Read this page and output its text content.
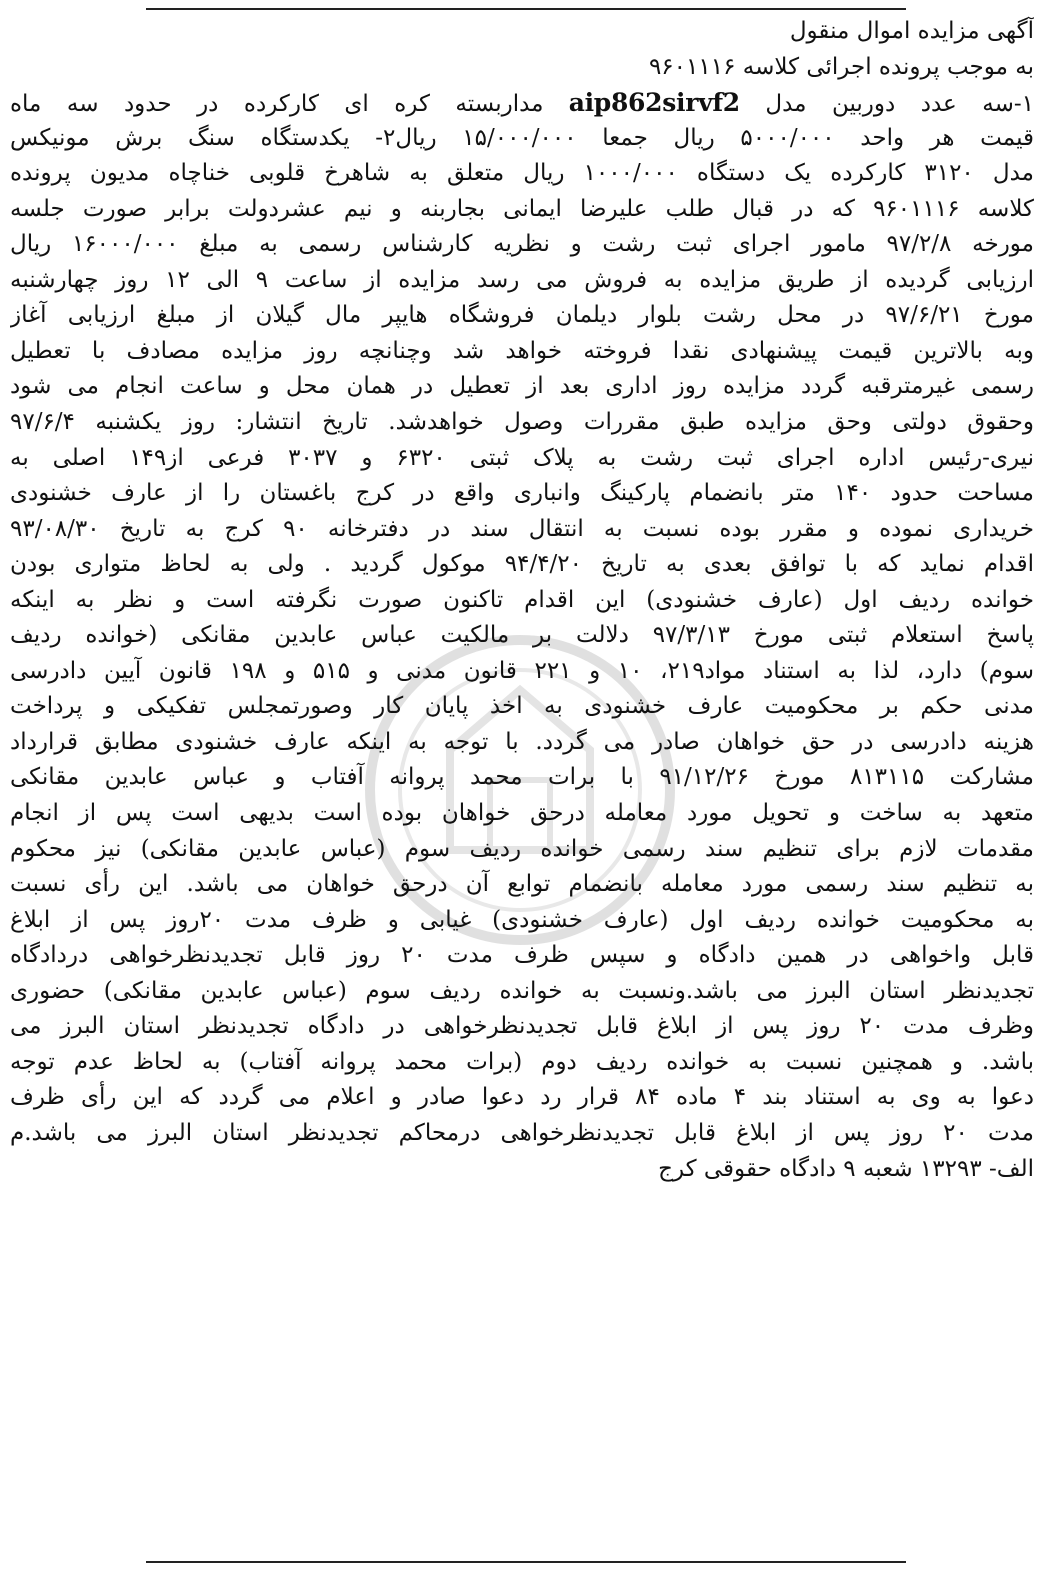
آگهی مزایده اموال منقول
به موجب پرونده اجرائی کلاسه ۹۶۰۱۱۱۶
۱-سه عدد دوربین مدل aip862sirvf2 مداربسته کره ای کارکرده در حدود سه ماه
قیمت هر واحد ۵۰۰۰/۰۰۰ ریال جمعا ۱۵/۰۰۰/۰۰۰ ریال۲- یکدستگاه سنگ برش مونیکس
مدل ۳۱۲۰ کارکرده یک دستگاه ۱۰۰۰/۰۰۰ ریال متعلق به شاهرخ قلوبی خناچاه مدیون پرونده
کلاسه ۹۶۰۱۱۱۶ که در قبال طلب علیرضا ایمانی بجاربنه و نیم عشردولت برابر صورت جلسه
مورخه ۹۷/۲/۸ مامور اجرای ثبت رشت و نظریه کارشناس رسمی به مبلغ ۱۶۰۰۰/۰۰۰ ریال
ارزیابی گردیده از طریق مزایده به فروش می رسد مزایده از ساعت ۹ الی ۱۲ روز چهارشنبه
مورخ ۹۷/۶/۲۱ در محل رشت بلوار دیلمان فروشگاه هایپر مال گیلان از مبلغ ارزیابی آغاز
وبه بالاترین قیمت پیشنهادی نقدا فروخته خواهد شد وچنانچه روز مزایده مصادف با تعطیل
رسمی غیرمترقبه گردد مزایده روز اداری بعد از تعطیل در همان محل و ساعت انجام می شود
وحقوق دولتی وحق مزایده طبق مقررات وصول خواهدشد. تاریخ انتشار: روز یکشنبه ۹۷/۶/۴
نیری-رئیس اداره اجرای ثبت رشت به پلاک ثبتی ۶۳۲۰ و ۳۰۳۷ فرعی از۱۴۹ اصلی به
مساحت حدود ۱۴۰ متر بانضمام پارکینگ وانباری واقع در کرج باغستان را از عارف خشنودی
خریداری نموده و مقرر بوده نسبت به انتقال سند در دفترخانه ۹۰ کرج به تاریخ ۹۳/۰۸/۳۰
اقدام نماید که با توافق بعدی به تاریخ ۹۴/۴/۲۰ موکول گردید . ولی به لحاظ متواری بودن
خوانده ردیف اول (عارف خشنودی) این اقدام تاکنون صورت نگرفته است و نظر به اینکه
پاسخ استعلام ثبتی مورخ ۹۷/۳/۱۳ دلالت بر مالکیت عباس عابدین مقانکی (خوانده ردیف
سوم) دارد، لذا به استناد مواد۲۱۹، ۱۰ و ۲۲۱ قانون مدنی و ۵۱۵ و ۱۹۸ قانون آیین دادرسی
مدنی حکم بر محکومیت عارف خشنودی به اخذ پایان کار وصورتمجلس تفکیکی و پرداخت
هزینه دادرسی در حق خواهان صادر می گردد. با توجه به اینکه عارف خشنودی مطابق قرارداد
مشارکت ۸۱۳۱۱۵ مورخ ۹۱/۱۲/۲۶ با برات محمد پروانه آفتاب و عباس عابدین مقانکی
متعهد به ساخت و تحویل مورد معامله درحق خواهان بوده است بدیهی است پس از انجام
مقدمات لازم برای تنظیم سند رسمی خوانده ردیف سوم (عباس عابدین مقانکی) نیز محکوم
به تنظیم سند رسمی مورد معامله بانضمام توابع آن درحق خواهان می باشد. این رأی نسبت
به محکومیت خوانده ردیف اول (عارف خشنودی) غیابی و ظرف مدت ۲۰روز پس از ابلاغ
قابل واخواهی در همین دادگاه و سپس ظرف مدت ۲۰ روز قابل تجدیدنظرخواهی دردادگاه
تجدیدنظر استان البرز می باشد.ونسبت به خوانده ردیف سوم (عباس عابدین مقانکی) حضوری
وظرف مدت ۲۰ روز پس از ابلاغ قابل تجدیدنظرخواهی در دادگاه تجدیدنظر استان البرز می
باشد. و همچنین نسبت به خوانده ردیف دوم (برات محمد پروانه آفتاب) به لحاظ عدم توجه
دعوا به وی به استناد بند ۴ ماده ۸۴ قرار رد دعوا صادر و اعلام می گردد که این رأی ظرف
مدت ۲۰ روز پس از ابلاغ قابل تجدیدنظرخواهی درمحاکم تجدیدنظر استان البرز می باشد.م
الف- ۱۳۲۹۳ شعبه ۹ دادگاه حقوقی کرج
